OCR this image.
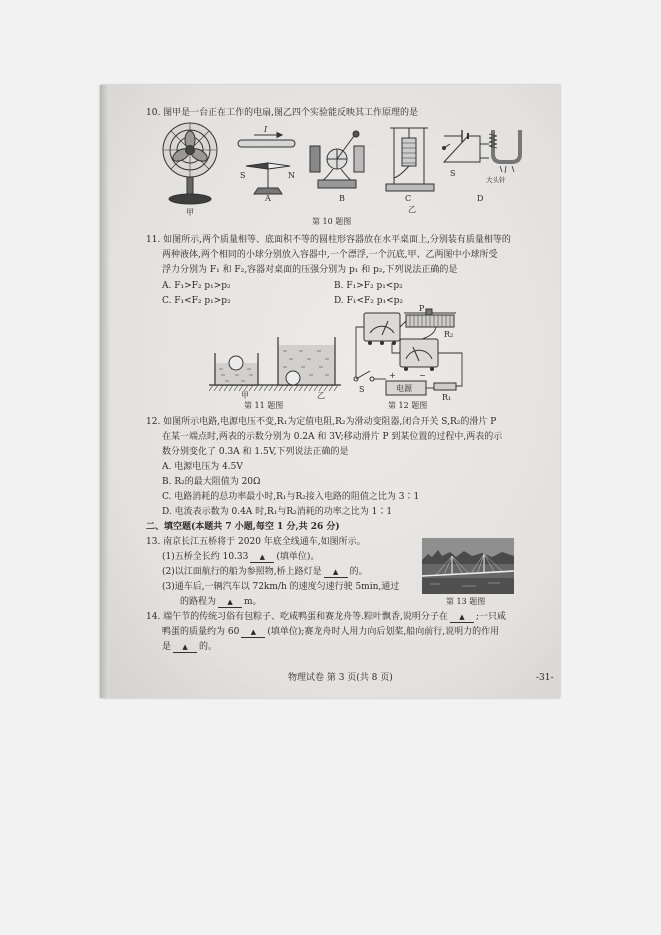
10. 图甲是一台正在工作的电扇,图乙四个实验能反映其工作原理的是
甲
I
S	N
A	B	C
乙
S
大头针
D
第 10 题图
11. 如图所示,两个质量相等、底面积不等的圆柱形容器放在水平桌面上,分别装有质量相等的
两种液体,两个相同的小球分别放入容器中,一个漂浮,一个沉底,甲、乙两图中小球所受
浮力分别为 F₁ 和 F₂,容器对桌面的压强分别为 p₁ 和 p₂,下列说法正确的是
A. F₁>F₂ p₁>p₂	B. F₁>F₂ p₁<p₂
C. F₁<F₂ p₁>p₂	D. F₁<F₂ p₁<p₂
甲	乙
第 11 题图
P
R₂
S	电源
+	−
R₁
第 12 题图
12. 如图所示电路,电源电压不变,R₁为定值电阻,R₂为滑动变阻器,闭合开关 S,R₂的滑片 P
在某一端点时,两表的示数分别为 0.2A 和 3V;移动滑片 P 到某位置的过程中,两表的示
数分别变化了 0.3A 和 1.5V,下列说法正确的是
A. 电源电压为 4.5V
B. R₂的最大阻值为 20Ω
C. 电路消耗的总功率最小时,R₁与R₂接入电路的阻值之比为 3∶1
D. 电流表示数为 0.4A 时,R₁与R₂消耗的功率之比为 1∶1
二、填空题(本题共 7 小题,每空 1 分,共 26 分)
13. 南京长江五桥将于 2020 年底全线通车,如图所示。
(1)五桥全长约 10.33 ▲ (填单位)。
(2)以江面航行的船为参照物,桥上路灯是 ▲ 的。
(3)通车后,一辆汽车以 72km/h 的速度匀速行驶 5min,通过
的路程为 ▲ m。	第 13 题图
14. 端午节的传统习俗有包粽子、吃咸鸭蛋和赛龙舟等.粽叶飘香,说明分子在 ▲ ;一只咸
鸭蛋的质量约为 60 ▲ (填单位);赛龙舟时人用力向后划桨,船向前行,说明力的作用
是 ▲ 的。
物理试卷 第 3 页(共 8 页)	-31-
